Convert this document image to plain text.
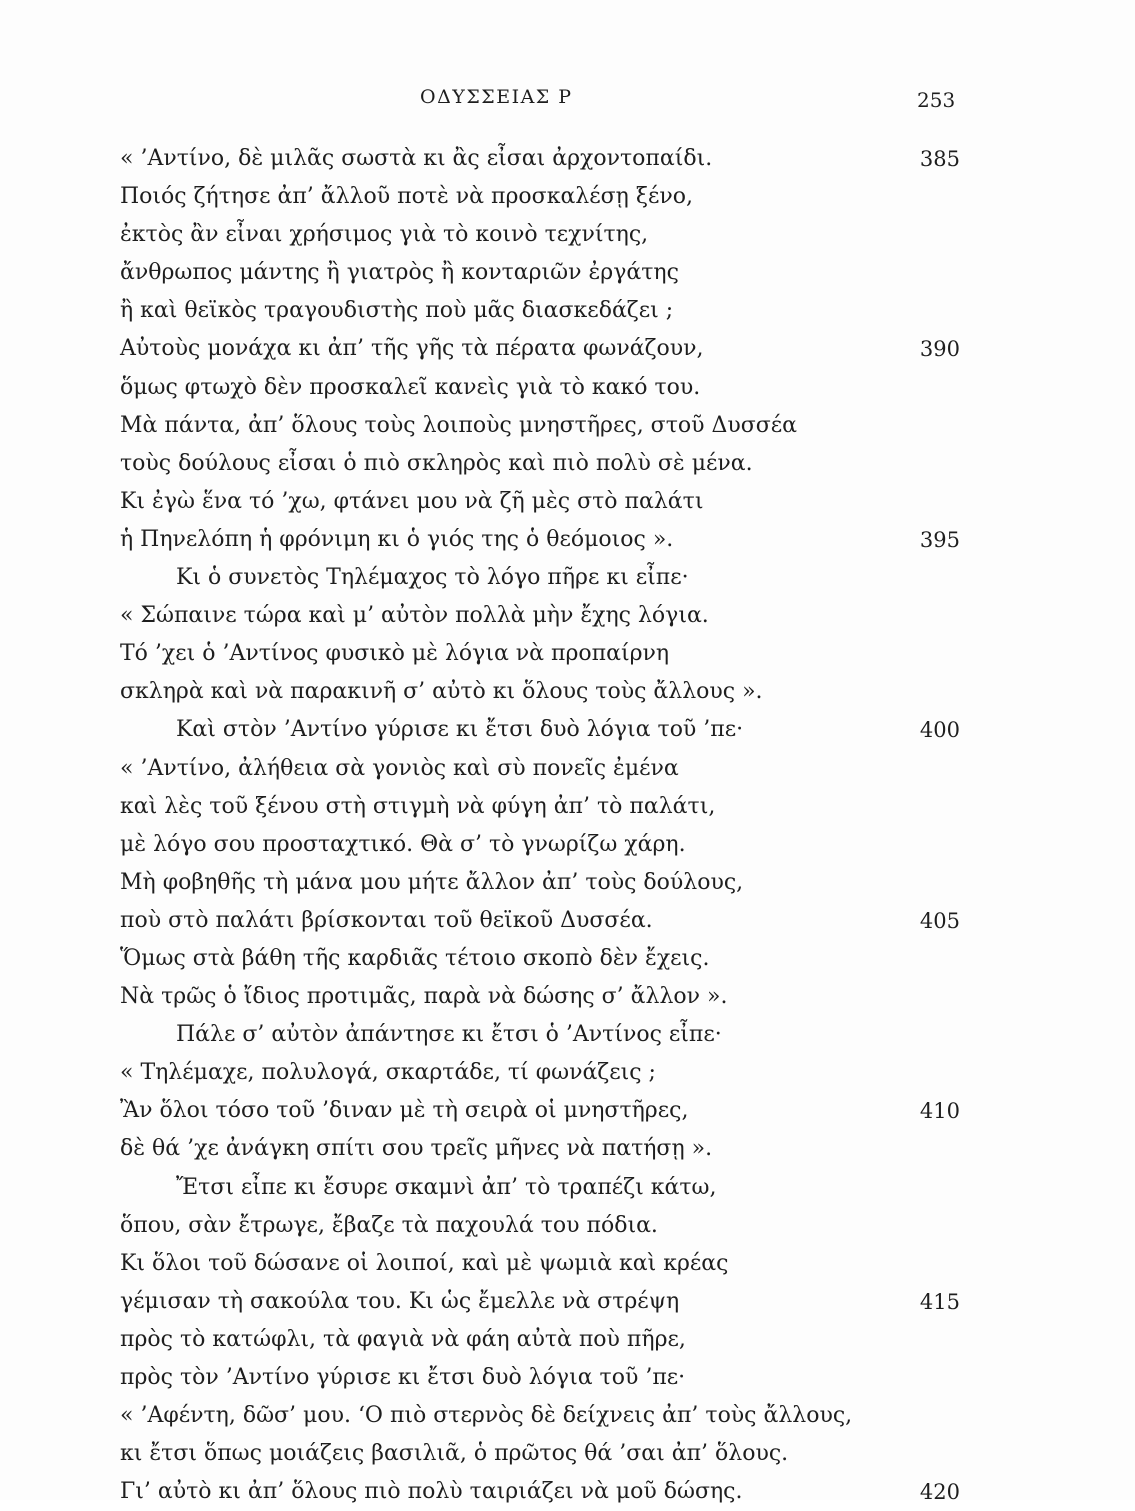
ΟΔΥΣΣΕΙΑΣ Ρ	253
« ’Αντίνο, δὲ μιλᾶς σωστὰ κι ἂς εἶσαι ἀρχοντοπαίδι.	385
Ποιός ζήτησε ἀπ’ ἄλλοῦ ποτὲ νὰ προσκαλέσῃ ξένο,
ἐκτὸς ἂν εἶναι χρήσιμος γιὰ τὸ κοινὸ τεχνίτης,
ἄνθρωπος μάντης ἢ γιατρὸς ἢ κονταριῶν ἐργάτης
ἢ καὶ θεϊκὸς τραγουδιστὴς ποὺ μᾶς διασκεδάζει ;
Αὐτοὺς μονάχα κι ἀπ’ τῆς γῆς τὰ πέρατα φωνάζουν,	390
ὅμως φτωχὸ δὲν προσκαλεῖ κανεὶς γιὰ τὸ κακό του.
Μὰ πάντα, ἀπ’ ὅλους τοὺς λοιποὺς μνηστῆρες, στοῦ Δυσσέα
τοὺς δούλους εἶσαι ὁ πιὸ σκληρὸς καὶ πιὸ πολὺ σὲ μένα.
Κι ἐγὼ ἕνα τό ’χω, φτάνει μου νὰ ζῆ μὲς στὸ παλάτι
ἡ Πηνελόπη ἡ φρόνιμη κι ὁ γιός της ὁ θεόμοιος ».	395
Κι ὁ συνετὸς Τηλέμαχος τὸ λόγο πῆρε κι εἶπε·
« Σώπαινε τώρα καὶ μ’ αὐτὸν πολλὰ μὴν ἔχης λόγια.
Τό ’χει ὁ ’Αντίνος φυσικὸ μὲ λόγια νὰ προπαίρνη
σκληρὰ καὶ νὰ παρακινῆ σ’ αὐτὸ κι ὅλους τοὺς ἄλλους ».
Καὶ στὸν ’Αντίνο γύρισε κι ἔτσι δυὸ λόγια τοῦ ’πε·	400
« ’Αντίνο, ἀλήθεια σὰ γονιὸς καὶ σὺ πονεῖς ἐμένα
καὶ λὲς τοῦ ξένου στὴ στιγμὴ νὰ φύγη ἀπ’ τὸ παλάτι,
μὲ λόγο σου προσταχτικό. Θὰ σ’ τὸ γνωρίζω χάρη.
Μὴ φοβηθῆς τὴ μάνα μου μήτε ἄλλον ἀπ’ τοὺς δούλους,
ποὺ στὸ παλάτι βρίσκονται τοῦ θεϊκοῦ Δυσσέα.	405
Ὅμως στὰ βάθη τῆς καρδιᾶς τέτοιο σκοπὸ δὲν ἔχεις.
Νὰ τρῶς ὁ ἴδιος προτιμᾶς, παρὰ νὰ δώσης σ’ ἄλλον ».
Πάλε σ’ αὐτὸν ἀπάντησε κι ἔτσι ὁ ’Αντίνος εἶπε·
« Τηλέμαχε, πολυλογά, σκαρτάδε, τί φωνάζεις ;
Ἂν ὅλοι τόσο τοῦ ’διναν μὲ τὴ σειρὰ οἱ μνηστῆρες,	410
δὲ θά ’χε ἀνάγκη σπίτι σου τρεῖς μῆνες νὰ πατήσῃ ».
Ἔτσι εἶπε κι ἔσυρε σκαμνὶ ἀπ’ τὸ τραπέζι κάτω,
ὅπου, σὰν ἔτρωγε, ἔβαζε τὰ παχουλά του πόδια.
Κι ὅλοι τοῦ δώσανε οἱ λοιποί, καὶ μὲ ψωμιὰ καὶ κρέας
γέμισαν τὴ σακούλα του. Κι ὡς ἔμελλε νὰ στρέψη	415
πρὸς τὸ κατώφλι, τὰ φαγιὰ νὰ φάη αὐτὰ ποὺ πῆρε,
πρὸς τὸν ’Αντίνο γύρισε κι ἔτσι δυὸ λόγια τοῦ ’πε·
« ’Αφέντη, δῶσ’ μου. ‘Ο πιὸ στερνὸς δὲ δείχνεις ἀπ’ τοὺς ἄλλους,
κι ἔτσι ὅπως μοιάζεις βασιλιᾶ, ὁ πρῶτος θά ’σαι ἀπ’ ὅλους.
Γι’ αὐτὸ κι ἀπ’ ὅλους πιὸ πολὺ ταιριάζει νὰ μοῦ δώσης.	420
